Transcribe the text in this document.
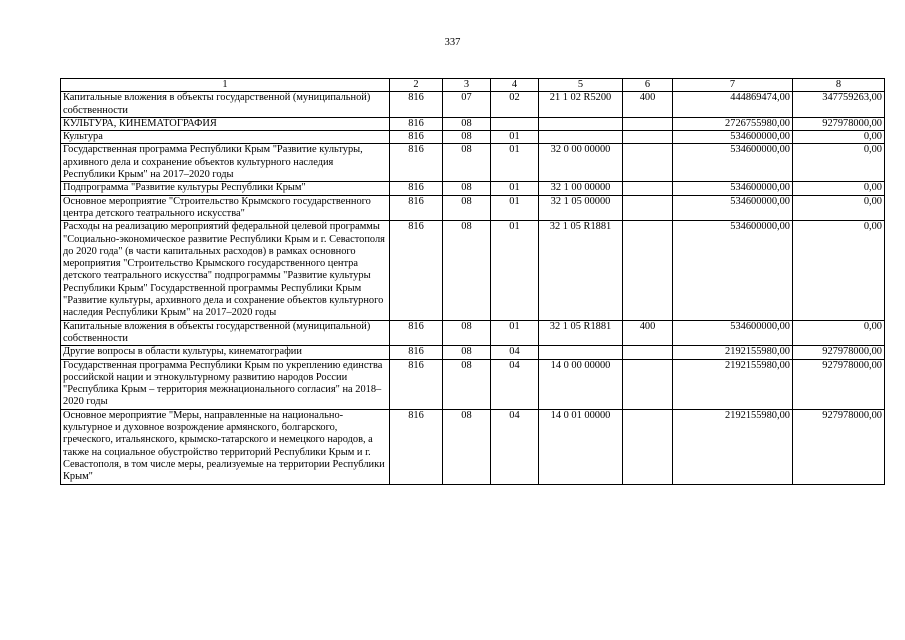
337
1	2	3	4	5	6	7	8
Капитальные вложения в объекты государственной (муниципальной) собственности	816	07	02	21 1 02 R5200	400	444869474,00	347759263,00
КУЛЬТУРА, КИНЕМАТОГРАФИЯ	816	08				2726755980,00	927978000,00
Культура	816	08	01			534600000,00	0,00
Государственная программа Республики Крым "Развитие культуры, архивного дела и сохранение объектов культурного наследия Республики Крым" на 2017–2020 годы	816	08	01	32 0 00 00000		534600000,00	0,00
Подпрограмма "Развитие культуры Республики Крым"	816	08	01	32 1 00 00000		534600000,00	0,00
Основное мероприятие "Строительство Крымского государственного центра детского театрального искусства"	816	08	01	32 1 05 00000		534600000,00	0,00
Расходы на реализацию мероприятий федеральной целевой программы "Социально-экономическое развитие Республики Крым и г. Севастополя до 2020 года" (в части капитальных расходов) в рамках основного мероприятия "Строительство Крымского государственного центра детского театрального искусства" подпрограммы "Развитие культуры Республики Крым" Государственной программы Республики Крым "Развитие культуры, архивного дела и сохранение объектов культурного наследия Республики Крым" на 2017–2020 годы	816	08	01	32 1 05 R1881		534600000,00	0,00
Капитальные вложения в объекты государственной (муниципальной) собственности	816	08	01	32 1 05 R1881	400	534600000,00	0,00
Другие вопросы в области культуры, кинематографии	816	08	04			2192155980,00	927978000,00
Государственная программа Республики Крым по укреплению единства российской нации и этнокультурному развитию народов России "Республика Крым – территория межнационального согласия" на 2018–2020 годы	816	08	04	14 0 00 00000		2192155980,00	927978000,00
Основное мероприятие "Меры, направленные на национально-культурное и духовное возрождение армянского, болгарского, греческого, итальянского, крымско-татарского и немецкого народов, а также на социальное обустройство территорий Республики Крым и г. Севастополя, в том числе меры, реализуемые на территории Республики Крым"	816	08	04	14 0 01 00000		2192155980,00	927978000,00
